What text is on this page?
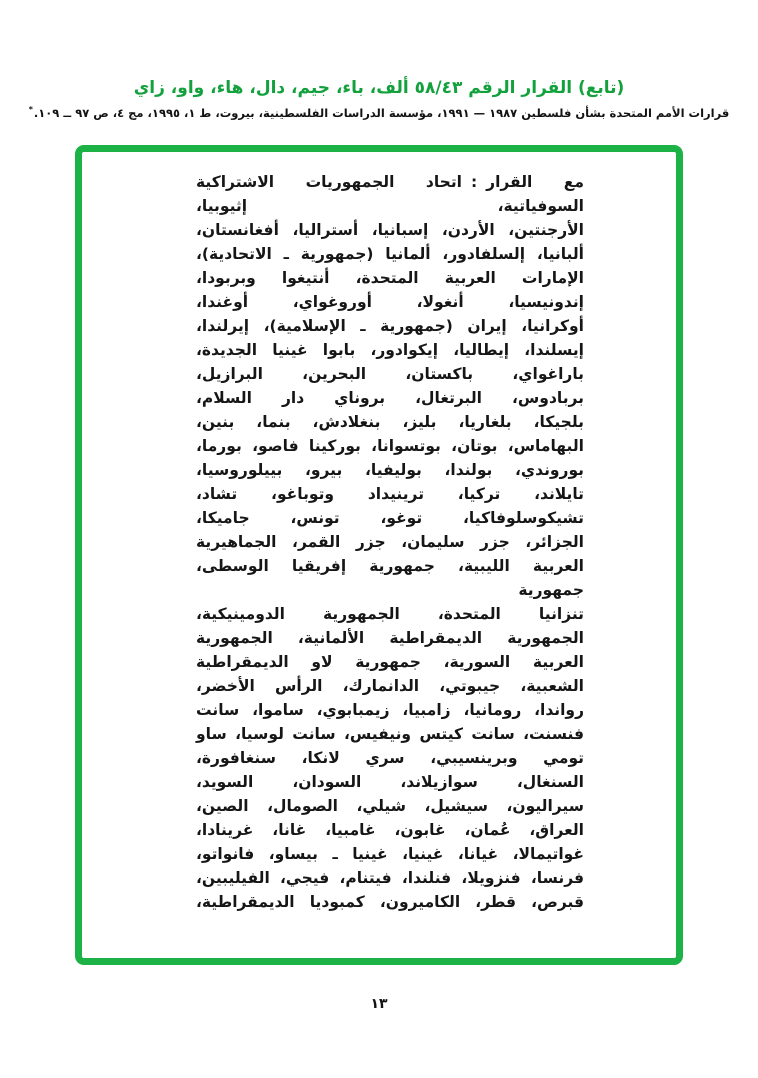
(تابع) القرار الرقم ٥٨/٤٣ ألف، باء، جيم، دال، هاء، واو، زاي
قرارات الأمم المتحدة بشأن فلسطين ١٩٨٧ — ١٩٩١، مؤسسة الدراسات الفلسطينية، بيروت، ط ١، ١٩٩٥، مج ٤، ص ٩٧ ــ ١٠٩.*
مع القرار:اتحاد الجمهوريات الاشتراكية السوفياتية، إثيوبيا،
الأرجنتين، الأردن، إسبانيا، أستراليا، أفغانستان،
ألبانيا، إلسلفادور، ألمانيا (جمهورية ـ الاتحادية)،
الإمارات العربية المتحدة، أنتيغوا وبربودا،
إندونيسيا، أنغولا، أوروغواي، أوغندا،
أوكرانيا، إيران (جمهورية ـ الإسلامية)، إيرلندا،
إيسلندا، إيطاليا، إيكوادور، بابوا غينيا الجديدة،
باراغواي، باكستان، البحرين، البرازيل،
بربادوس، البرتغال، بروناي دار السلام،
بلجيكا، بلغاريا، بليز، بنغلادش، بنما، بنين،
البهاماس، بوتان، بوتسوانا، بوركينا فاصو، بورما،
بوروندي، بولندا، بوليفيا، بيرو، بييلوروسيا،
تايلاند، تركيا، ترينيداد وتوباغو، تشاد،
تشيكوسلوفاكيا، توغو، تونس، جاميكا،
الجزائر، جزر سليمان، جزر القمر، الجماهيرية
العربية الليبية، جمهورية إفريقيا الوسطى، جمهورية
تنزانيا المتحدة، الجمهورية الدومينيكية،
الجمهورية الديمقراطية الألمانية، الجمهورية
العربية السورية، جمهورية لاو الديمقراطية
الشعبية، جيبوتي، الدانمارك، الرأس الأخضر،
رواندا، رومانيا، زامبيا، زيمبابوي، ساموا، سانت
فنسنت، سانت كيتس ونيفيس، سانت لوسيا، ساو
تومي وبرينسيبي، سري لانكا، سنغافورة،
السنغال، سوازيلاند، السودان، السويد،
سيراليون، سيشيل، شيلي، الصومال، الصين،
العراق، عُمان، غابون، غامبيا، غانا، غرينادا،
غواتيمالا، غيانا، غينيا، غينيا ـ بيساو، فانواتو،
فرنسا، فنزويلا، فنلندا، فيتنام، فيجي، الفيليبين،
قبرص، قطر، الكاميرون، كمبوديا الديمقراطية،
١٣
